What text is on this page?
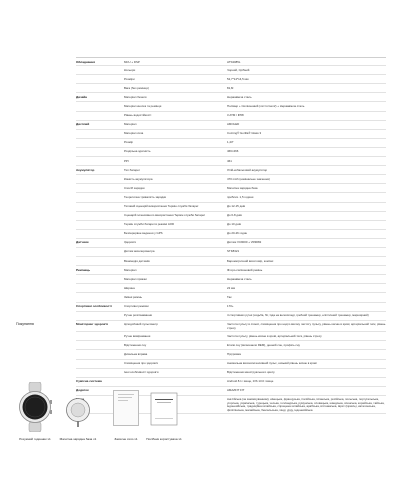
Обладнання	MCU + DSP	ATS3085L
Кольори	Чорний, Срібний
Розміри	52,7*14*14,5 мм
Вага (без ремінця)	81,8г
Дизайн	Матеріал безеля	Нержавіюча сталь
Матеріал кнопок та ремінця	Полімер + Силіконовий (лиття Gen2) + Нержавіюча сталь
Рівень водостійкості	3 АТМ / IP68
Дисплей	Матеріал	AMOLED
Матеріал скла	Corning® Gorilla® Glass 3
Розмір	1,43"
Роздільна здатність	466×466
PPI	461
Акумулятор	Тип батареї	Літій-кобальтовий акумулятор
Ємність акумулятора	470 mAh (номінальне значення)
Спосіб зарядки	Магнітна зарядна база
Теоретична тривалість зарядки	приблиз. 1,5 години
Типовий сценарій використання Термін служби батареї	До 12-15 днів
Сценарій інтенсивного використання Термін служби батареї	До 6-8 днів
Термін служби батареї в режимі AOD	До 10 днів
Безперервне ведення у GPS	До 20-26 годин
Датчики	Здоров'я	Датчик VC9000 + VR9082
Датчик акселерометра	STK8321
Взаємодія датчиків	Барометричний висотомір, компас
Ремінець	Матеріал	Фторо-силіконовий ремінь
Матеріал пряжки	Нержавіюча сталь
Ширина	22 мм
Змінні ремінь	Так
Спортивні особливості	Спортивні режими	170+
Ручне розпізнавання	4 спортивних ручні (ходьба, біг, їзда на велосипеді, гребний тренажер, еліптичний тренажер, марширний)
Моніторинг здоров'я	Цілодобовий пульсометр	Частота пульсу в спокої, сповіщення про надто високу частоту пульсу, рівень кисню в крові, артеріальний тиск, рівень стресу
Ручне вимірювання	Частота пульсу, рівень кисню в крові, артеріальний тиск, рівень стресу
Відстеження сну	Етапи сну (включаючи REM), денний сон, профіль сну
Дихальна вправа	Підтримка
Сповіщення про здоров'я	Аномальна високоінтенсивний пульс, низький рівень кисню в крові
Інші особливості здоров'я	Відстеження менструального циклу
Сумісна система	Android 8.1 і вище, iOS 13.0 і вище
Додаток	AMAZFIT FIT
Англійська (за замовчуванням), німецька, французька, італійська, іспанська, російська, польська, португальська, угорська, українська, турецька, чеська, голландська, румунська, словацька, шведська, японська, корейська, тайська, індонезійська, традиційна китайська, спрощена китайська, арабська, в'єтнамська, іврит (ізраїль), каталонська, філіппінська, малайська, бенгальська, хінді, урду, індонезійська
Покупання
Розумний годинник x1	Магнітна зарядна база x1	Захисне скло x1	Посібник користувача x1
